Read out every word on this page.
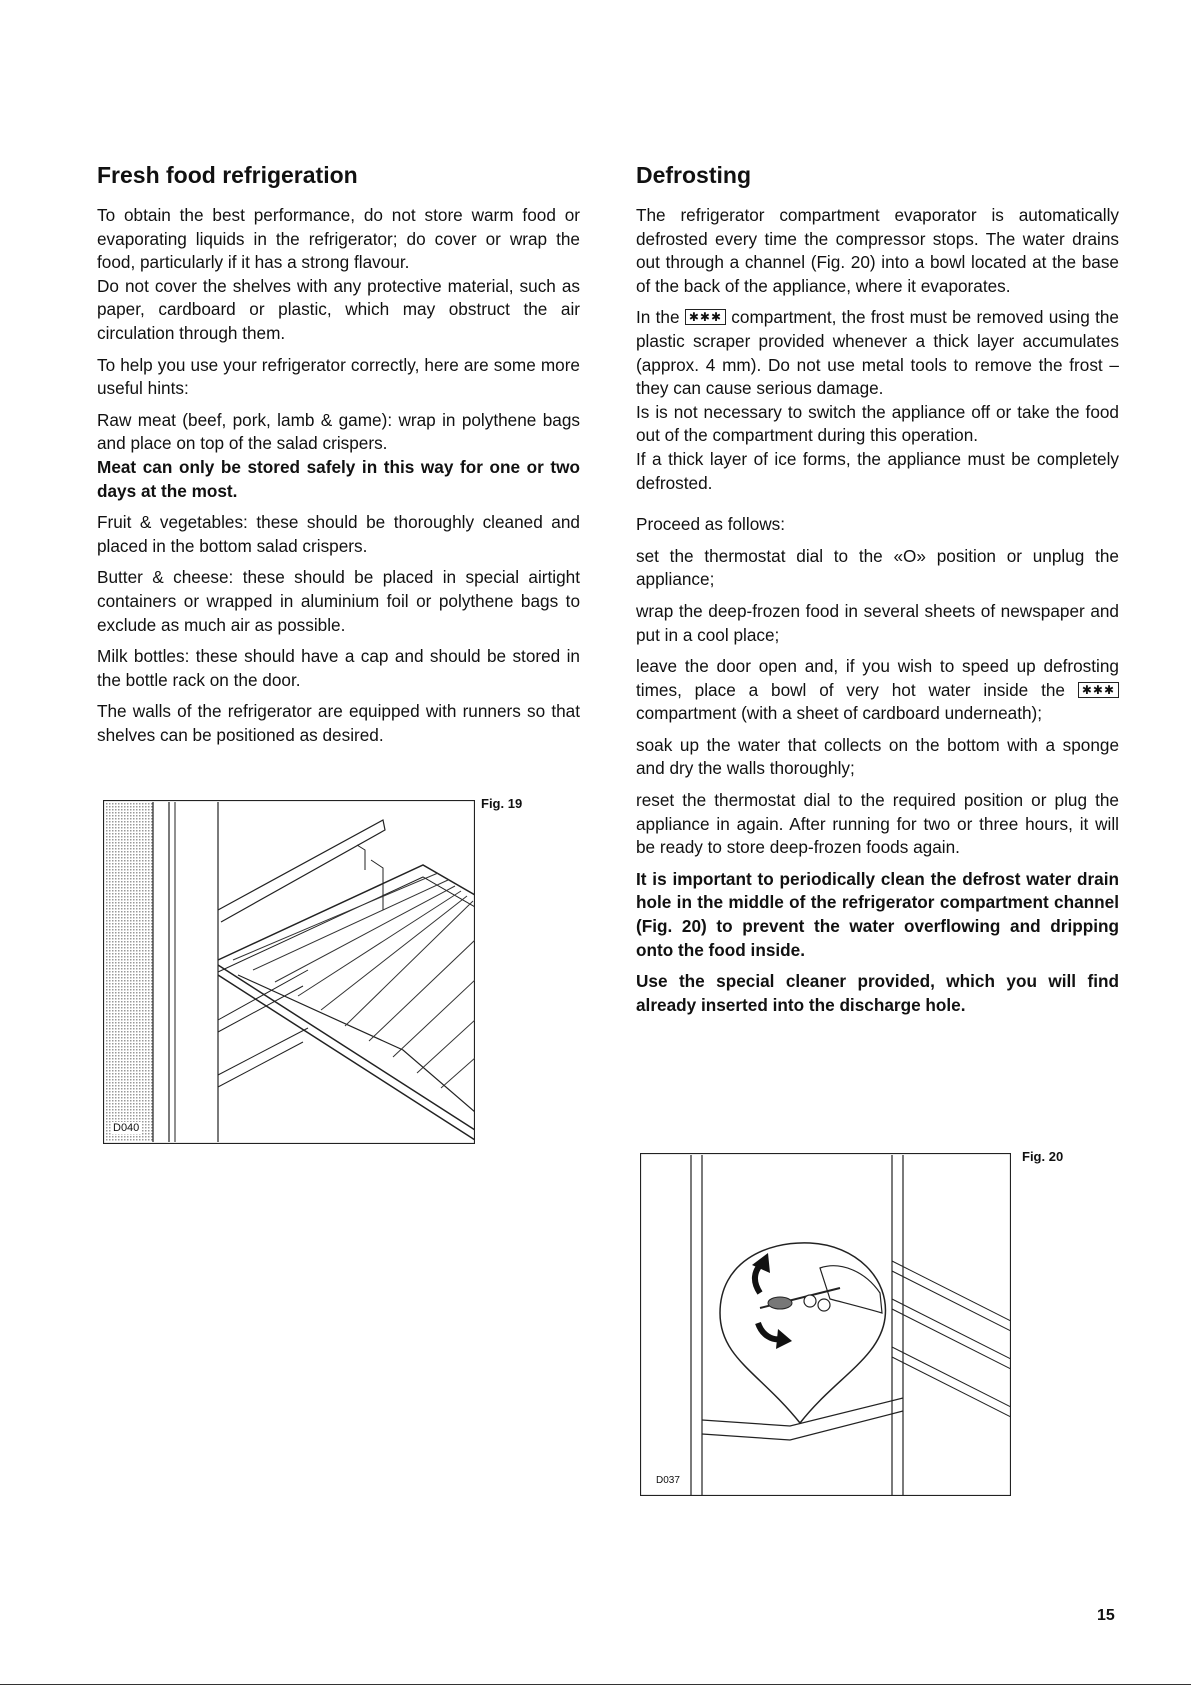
Fresh food refrigeration

To obtain the best performance, do not store warm food or evaporating liquids in the refrigerator; do cover or wrap the food, particularly if it has a strong flavour.

Do not cover the shelves with any protective material, such as paper, cardboard or plastic, which may obstruct the air circulation through them.

To help you use your refrigerator correctly, here are some more useful hints:

Raw meat (beef, pork, lamb & game): wrap in polythene bags and place on top of the salad crispers.

Meat can only be stored safely in this way for one or two days at the most.

Fruit & vegetables: these should be thoroughly cleaned and placed in the bottom salad crispers.

Butter & cheese: these should be placed in special airtight containers or wrapped in aluminium foil or polythene bags to exclude as much air as possible.

Milk bottles: these should have a cap and should be stored in the bottle rack on the door.

The walls of the refrigerator are equipped with runners so that shelves can be positioned as desired.

D040
Fig. 19
Defrosting

The refrigerator compartment evaporator is automatically defrosted every time the compressor stops. The water drains out through a channel (Fig. 20) into a bowl located at the base of the back of the appliance, where it evaporates.

In the ✱✱✱ compartment, the frost must be removed using the plastic scraper provided whenever a thick layer accumulates (approx. 4 mm). Do not use metal tools to remove the frost – they can cause serious damage.

Is is not necessary to switch the appliance off or take the food out of the compartment during this operation.

If a thick layer of ice forms, the appliance must be completely defrosted.

Proceed as follows:

set the thermostat dial to the «O» position or unplug the appliance;

wrap the deep-frozen food in several sheets of newspaper and put in a cool place;

leave the door open and, if you wish to speed up defrosting times, place a bowl of very hot water inside the ✱✱✱ compartment (with a sheet of cardboard underneath);

soak up the water that collects on the bottom with a sponge and dry the walls thoroughly;

reset the thermostat dial to the required position or plug the appliance in again. After running for two or three hours, it will be ready to store deep-frozen foods again.

It is important to periodically clean the defrost water drain hole in the middle of the refrigerator compartment channel (Fig. 20) to prevent the water overflowing and dripping onto the food inside.

Use the special cleaner provided, which you will find already inserted into the discharge hole.

D037
Fig. 20
15
